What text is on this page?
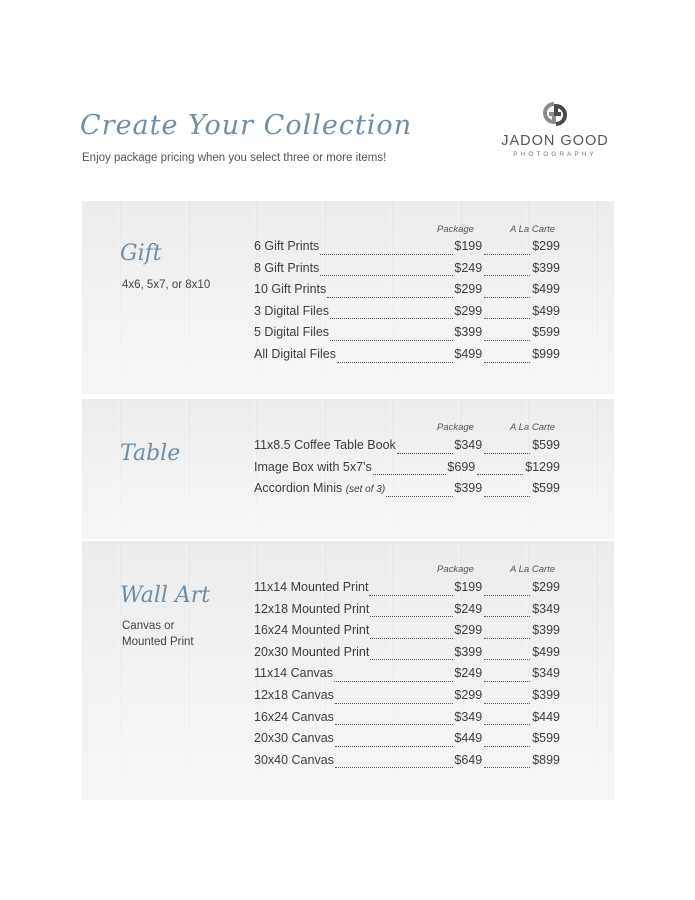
Create Your Collection
Enjoy package pricing when you select three or more items!
JADON GOOD
PHOTOGRAPHY
Gift
4x6, 5x7, or 8x10
Package	A La Carte
6 Gift Prints	$199	$299
8 Gift Prints	$249	$399
10 Gift Prints	$299	$499
3 Digital Files	$299	$499
5 Digital Files	$399	$599
All Digital Files	$499	$999
Table
Package	A La Carte
11x8.5 Coffee Table Book	$349	$599
Image Box with 5x7's	$699	$1299
Accordion Minis (set of 3)	$399	$599
Wall Art
Canvas or
Mounted Print
Package	A La Carte
11x14 Mounted Print	$199	$299
12x18 Mounted Print	$249	$349
16x24 Mounted Print	$299	$399
20x30 Mounted Print	$399	$499
11x14 Canvas	$249	$349
12x18 Canvas	$299	$399
16x24 Canvas	$349	$449
20x30 Canvas	$449	$599
30x40 Canvas	$649	$899
